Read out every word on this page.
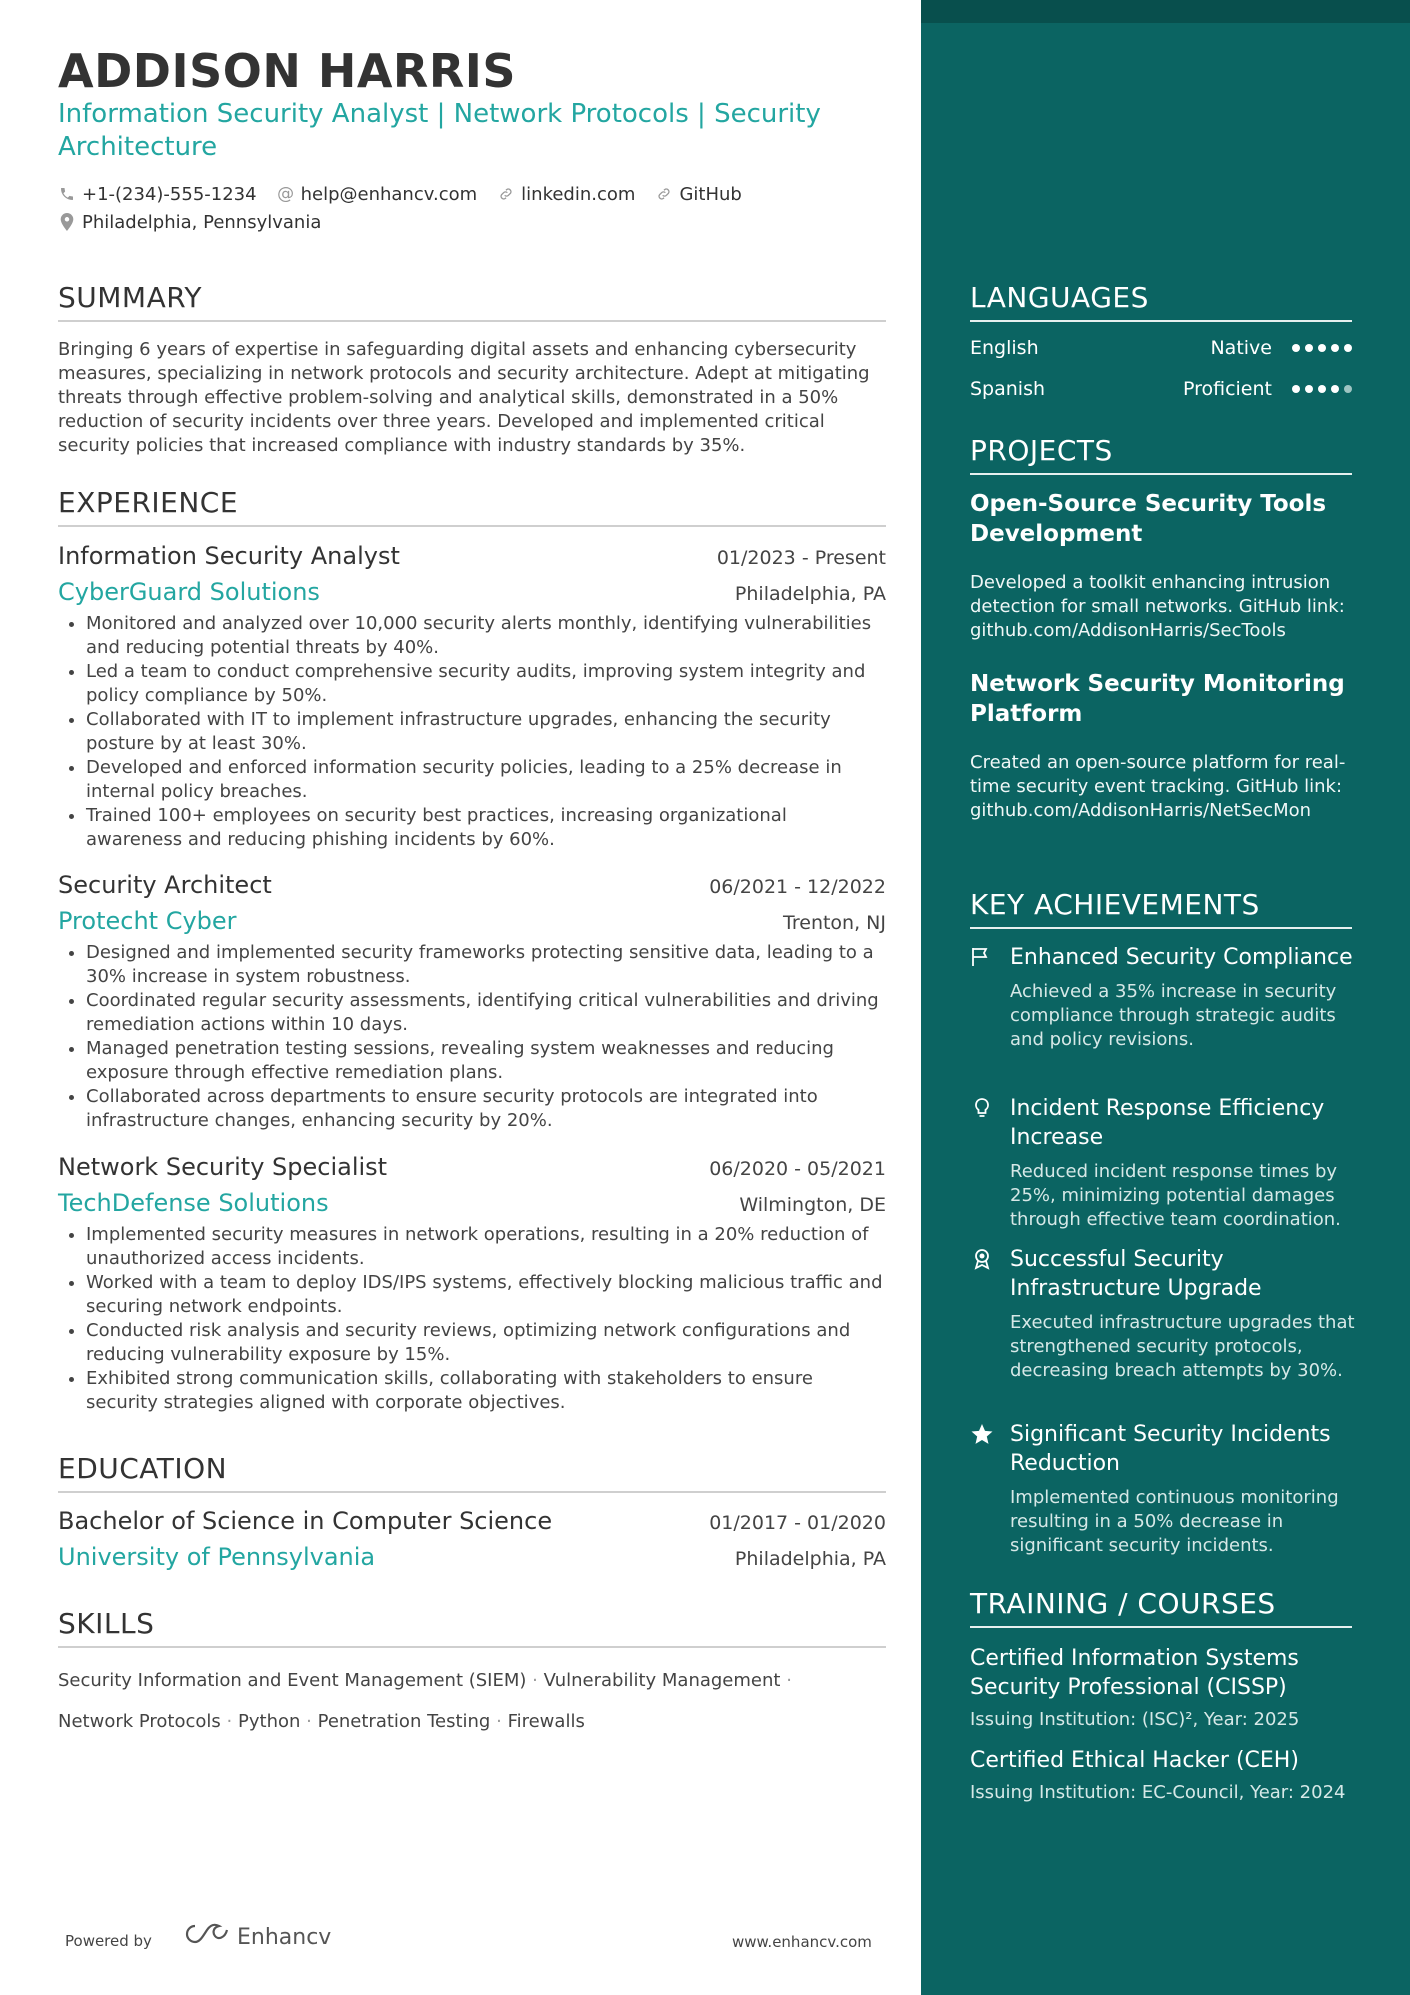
ADDISON HARRIS
Information Security Analyst | Network Protocols | Security Architecture
+1-(234)-555-1234 @ help@enhancv.com linkedin.com GitHub
Philadelphia, Pennsylvania
SUMMARY
Bringing 6 years of expertise in safeguarding digital assets and enhancing cybersecurity measures, specializing in network protocols and security architecture. Adept at mitigating threats through effective problem-solving and analytical skills, demonstrated in a 50% reduction of security incidents over three years. Developed and implemented critical security policies that increased compliance with industry standards by 35%.
EXPERIENCE
Information Security Analyst	01/2023 - Present
CyberGuard Solutions	Philadelphia, PA
• Monitored and analyzed over 10,000 security alerts monthly, identifying vulnerabilities and reducing potential threats by 40%.
• Led a team to conduct comprehensive security audits, improving system integrity and policy compliance by 50%.
• Collaborated with IT to implement infrastructure upgrades, enhancing the security posture by at least 30%.
• Developed and enforced information security policies, leading to a 25% decrease in internal policy breaches.
• Trained 100+ employees on security best practices, increasing organizational awareness and reducing phishing incidents by 60%.
Security Architect	06/2021 - 12/2022
Protecht Cyber	Trenton, NJ
• Designed and implemented security frameworks protecting sensitive data, leading to a 30% increase in system robustness.
• Coordinated regular security assessments, identifying critical vulnerabilities and driving remediation actions within 10 days.
• Managed penetration testing sessions, revealing system weaknesses and reducing exposure through effective remediation plans.
• Collaborated across departments to ensure security protocols are integrated into infrastructure changes, enhancing security by 20%.
Network Security Specialist	06/2020 - 05/2021
TechDefense Solutions	Wilmington, DE
• Implemented security measures in network operations, resulting in a 20% reduction of unauthorized access incidents.
• Worked with a team to deploy IDS/IPS systems, effectively blocking malicious traffic and securing network endpoints.
• Conducted risk analysis and security reviews, optimizing network configurations and reducing vulnerability exposure by 15%.
• Exhibited strong communication skills, collaborating with stakeholders to ensure security strategies aligned with corporate objectives.
EDUCATION
Bachelor of Science in Computer Science	01/2017 - 01/2020
University of Pennsylvania	Philadelphia, PA
SKILLS
Security Information and Event Management (SIEM) · Vulnerability Management ·
Network Protocols · Python · Penetration Testing · Firewalls
Powered by	Enhancv	www.enhancv.com
LANGUAGES
English	Native
Spanish	Proficient
PROJECTS
Open-Source Security Tools Development
Developed a toolkit enhancing intrusion detection for small networks. GitHub link: github.com/AddisonHarris/SecTools
Network Security Monitoring Platform
Created an open-source platform for real-time security event tracking. GitHub link: github.com/AddisonHarris/NetSecMon
KEY ACHIEVEMENTS
Enhanced Security Compliance
Achieved a 35% increase in security compliance through strategic audits and policy revisions.
Incident Response Efficiency Increase
Reduced incident response times by 25%, minimizing potential damages through effective team coordination.
Successful Security Infrastructure Upgrade
Executed infrastructure upgrades that strengthened security protocols, decreasing breach attempts by 30%.
Significant Security Incidents Reduction
Implemented continuous monitoring resulting in a 50% decrease in significant security incidents.
TRAINING / COURSES
Certified Information Systems Security Professional (CISSP)
Issuing Institution: (ISC)², Year: 2025
Certified Ethical Hacker (CEH)
Issuing Institution: EC-Council, Year: 2024
